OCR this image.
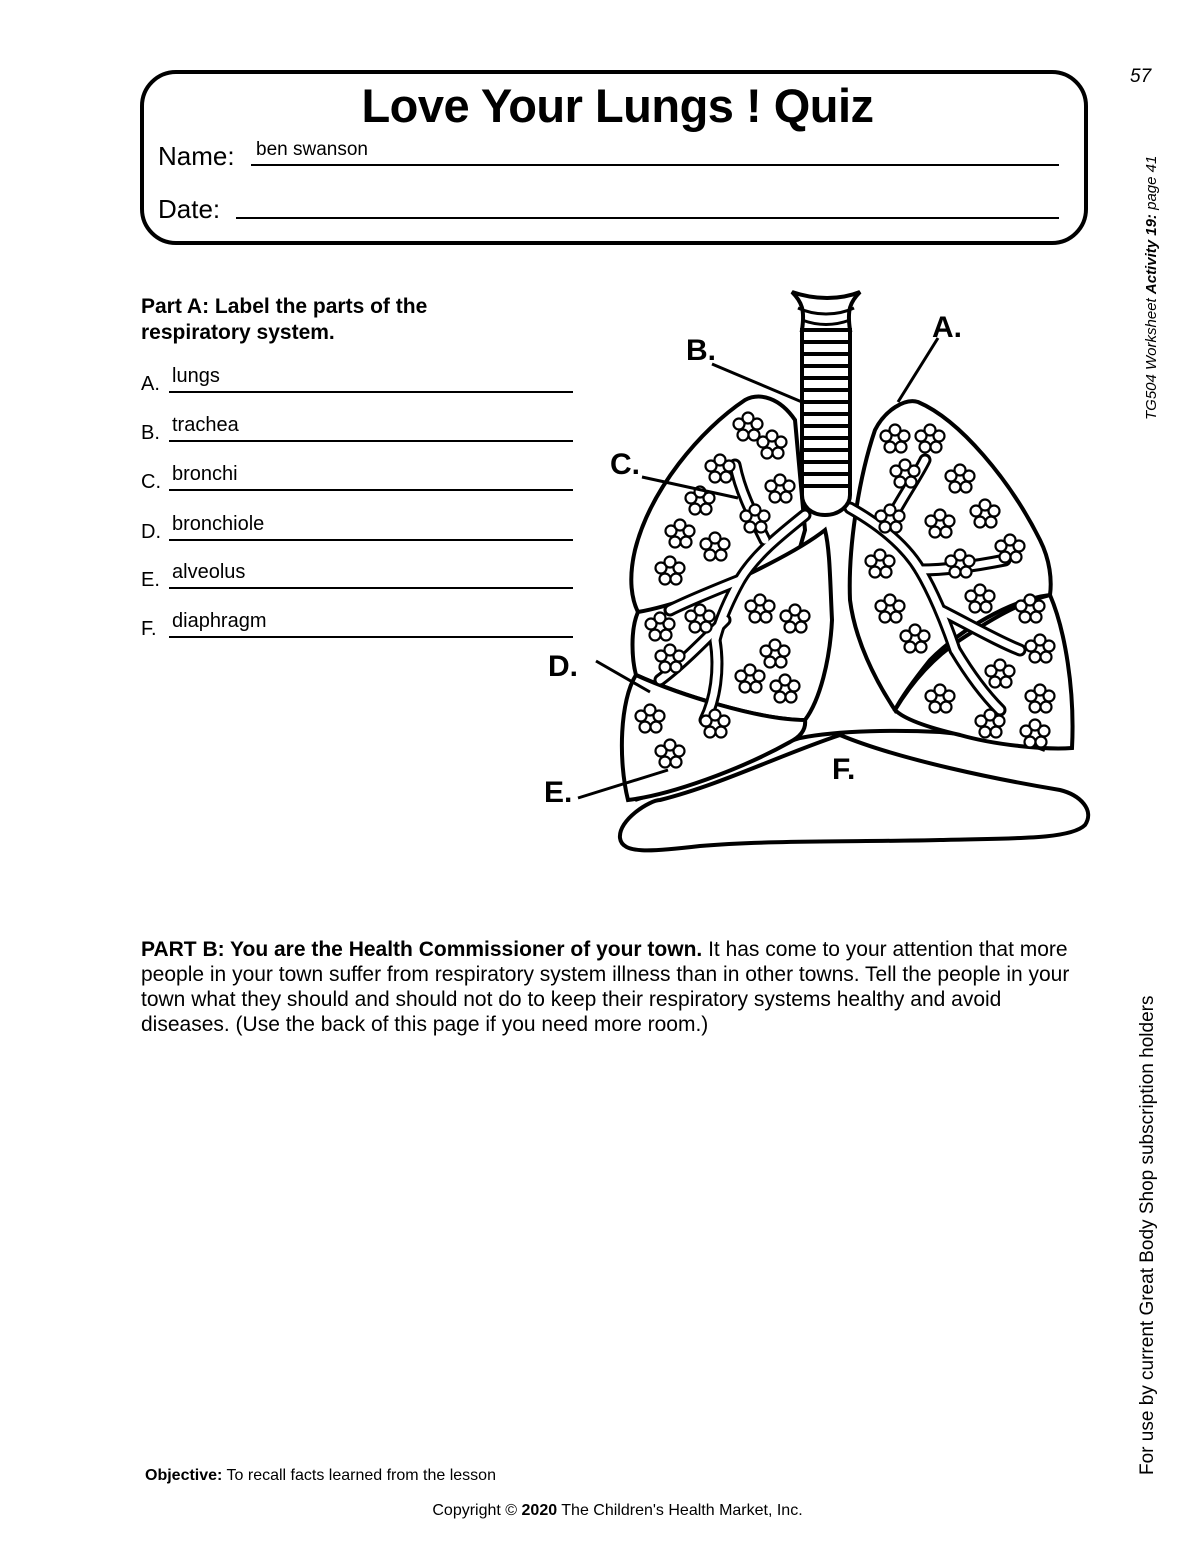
57
TG504 Worksheet Activity 19: page 41
For use by current Great Body Shop subscription holders
Love Your Lungs ! Quiz
Name: ben swanson
Date:
Part A: Label the parts of the respiratory system.
A. lungs
B. trachea
C. bronchi
D. bronchiole
E. alveolus
F. diaphragm
A.
B.
C.
D.
E.
F.
PART B: You are the Health Commissioner of your town. It has come to your attention that more people in your town suffer from respiratory system illness than in other towns. Tell the people in your town what they should and should not do to keep their respiratory systems healthy and avoid diseases. (Use the back of this page if you need more room.)
Objective: To recall facts learned from the lesson
Copyright © 2020 The Children's Health Market, Inc.
